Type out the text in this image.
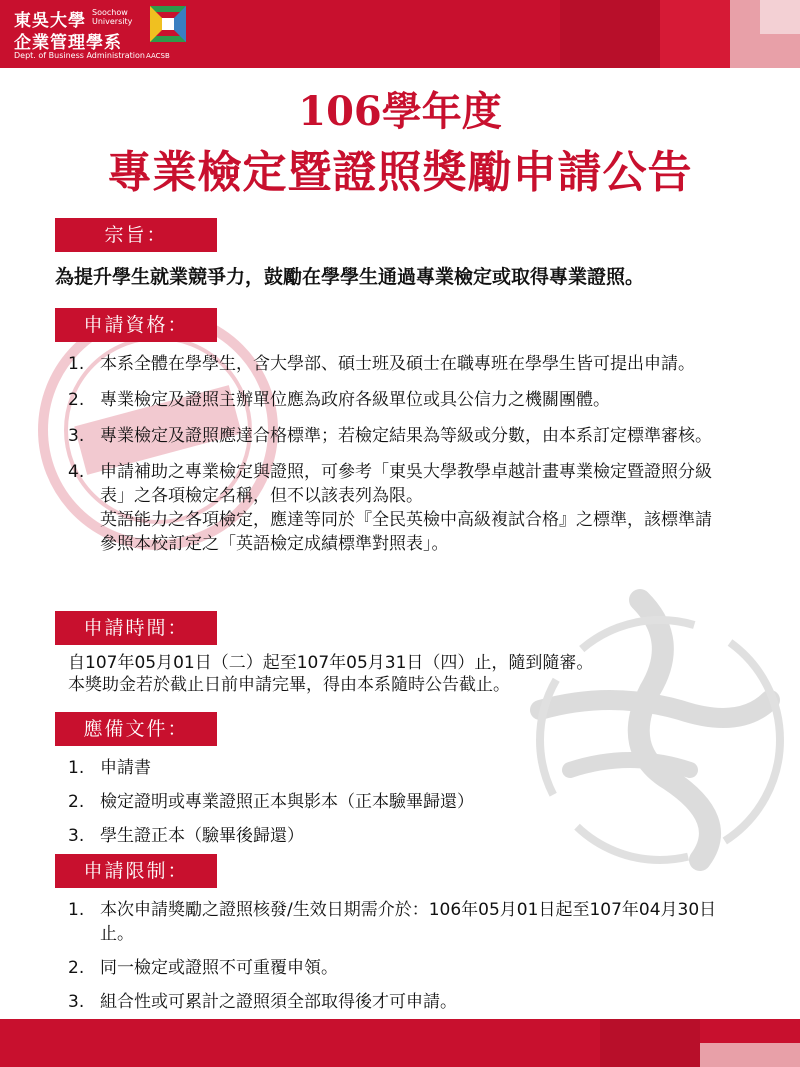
東吳大學 Soochow University
企業管理學系
Dept. of Business Administration AACSB
106學年度
專業檢定暨證照獎勵申請公告
宗旨：
為提升學生就業競爭力，鼓勵在學學生通過專業檢定或取得專業證照。
申請資格：
1. 本系全體在學學生，含大學部、碩士班及碩士在職專班在學學生皆可提出申請。
2. 專業檢定及證照主辦單位應為政府各級單位或具公信力之機關團體。
3. 專業檢定及證照應達合格標準；若檢定結果為等級或分數，由本系訂定標準審核。
4. 申請補助之專業檢定與證照，可參考「東吳大學教學卓越計畫專業檢定暨證照分級表」之各項檢定名稱，但不以該表列為限。
英語能力之各項檢定，應達等同於『全民英檢中高級複試合格』之標準，該標準請參照本校訂定之「英語檢定成績標準對照表」。
申請時間：
自107年05月01日（二）起至107年05月31日（四）止，隨到隨審。
本獎助金若於截止日前申請完畢，得由本系隨時公告截止。
應備文件：
1. 申請書
2. 檢定證明或專業證照正本與影本（正本驗畢歸還）
3. 學生證正本（驗畢後歸還）
申請限制：
1. 本次申請獎勵之證照核發/生效日期需介於：106年05月01日起至107年04月30日止。
2. 同一檢定或證照不可重覆申領。
3. 組合性或可累計之證照須全部取得後才可申請。
